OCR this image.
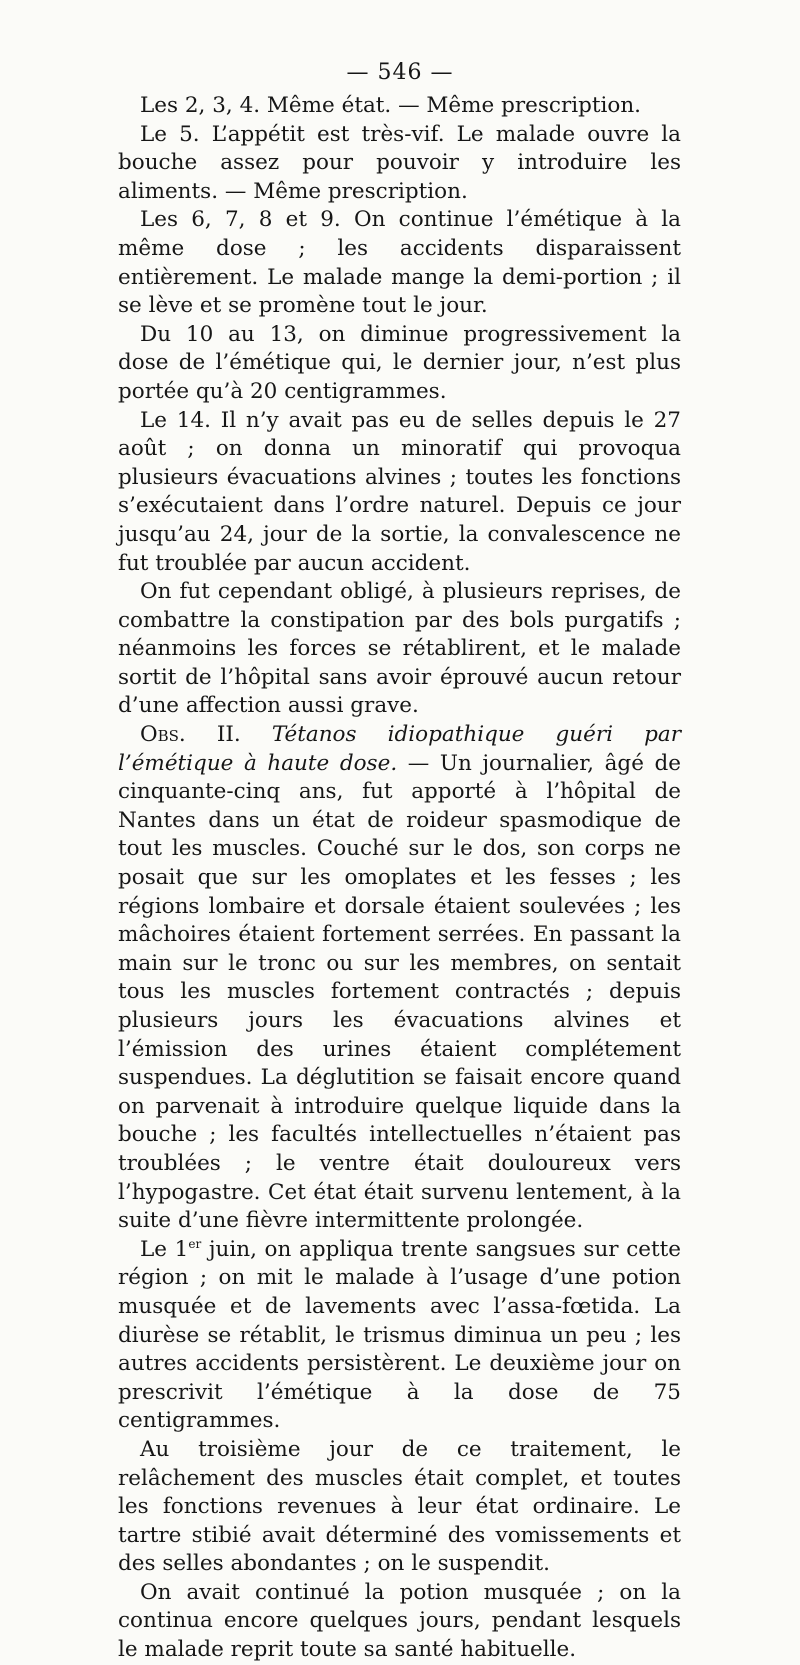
— 546 —

Les 2, 3, 4. Même état. — Même prescription.

Le 5. L’appétit est très-vif. Le malade ouvre la bouche assez pour pouvoir y introduire les aliments. — Même prescription.

Les 6, 7, 8 et 9. On continue l’émétique à la même dose ; les accidents disparaissent entièrement. Le malade mange la demi-portion ; il se lève et se promène tout le jour.

Du 10 au 13, on diminue progressivement la dose de l’émétique qui, le dernier jour, n’est plus portée qu’à 20 centigrammes.

Le 14. Il n’y avait pas eu de selles depuis le 27 août ; on donna un minoratif qui provoqua plusieurs évacuations alvines ; toutes les fonctions s’exécutaient dans l’ordre naturel. Depuis ce jour jusqu’au 24, jour de la sortie, la convalescence ne fut troublée par aucun accident.

On fut cependant obligé, à plusieurs reprises, de combattre la constipation par des bols purgatifs ; néanmoins les forces se rétablirent, et le malade sortit de l’hôpital sans avoir éprouvé aucun retour d’une affection aussi grave.

Obs. II. Tétanos idiopathique guéri par l’émétique à haute dose. — Un journalier, âgé de cinquante-cinq ans, fut apporté à l’hôpital de Nantes dans un état de roideur spasmodique de tout les muscles. Couché sur le dos, son corps ne posait que sur les omoplates et les fesses ; les régions lombaire et dorsale étaient soulevées ; les mâchoires étaient fortement serrées. En passant la main sur le tronc ou sur les membres, on sentait tous les muscles fortement contractés ; depuis plusieurs jours les évacuations alvines et l’émission des urines étaient complétement suspendues. La déglutition se faisait encore quand on parvenait à introduire quelque liquide dans la bouche ; les facultés intellectuelles n’étaient pas troublées ; le ventre était douloureux vers l’hypogastre. Cet état était survenu lentement, à la suite d’une fièvre intermittente prolongée.

Le 1er juin, on appliqua trente sangsues sur cette région ; on mit le malade à l’usage d’une potion musquée et de lavements avec l’assa-fœtida. La diurèse se rétablit, le trismus diminua un peu ; les autres accidents persistèrent. Le deuxième jour on prescrivit l’émétique à la dose de 75 centigrammes.

Au troisième jour de ce traitement, le relâchement des muscles était complet, et toutes les fonctions revenues à leur état ordinaire. Le tartre stibié avait déterminé des vomissements et des selles abondantes ; on le suspendit.

On avait continué la potion musquée ; on la continua encore quelques jours, pendant lesquels le malade reprit toute sa santé habituelle.
